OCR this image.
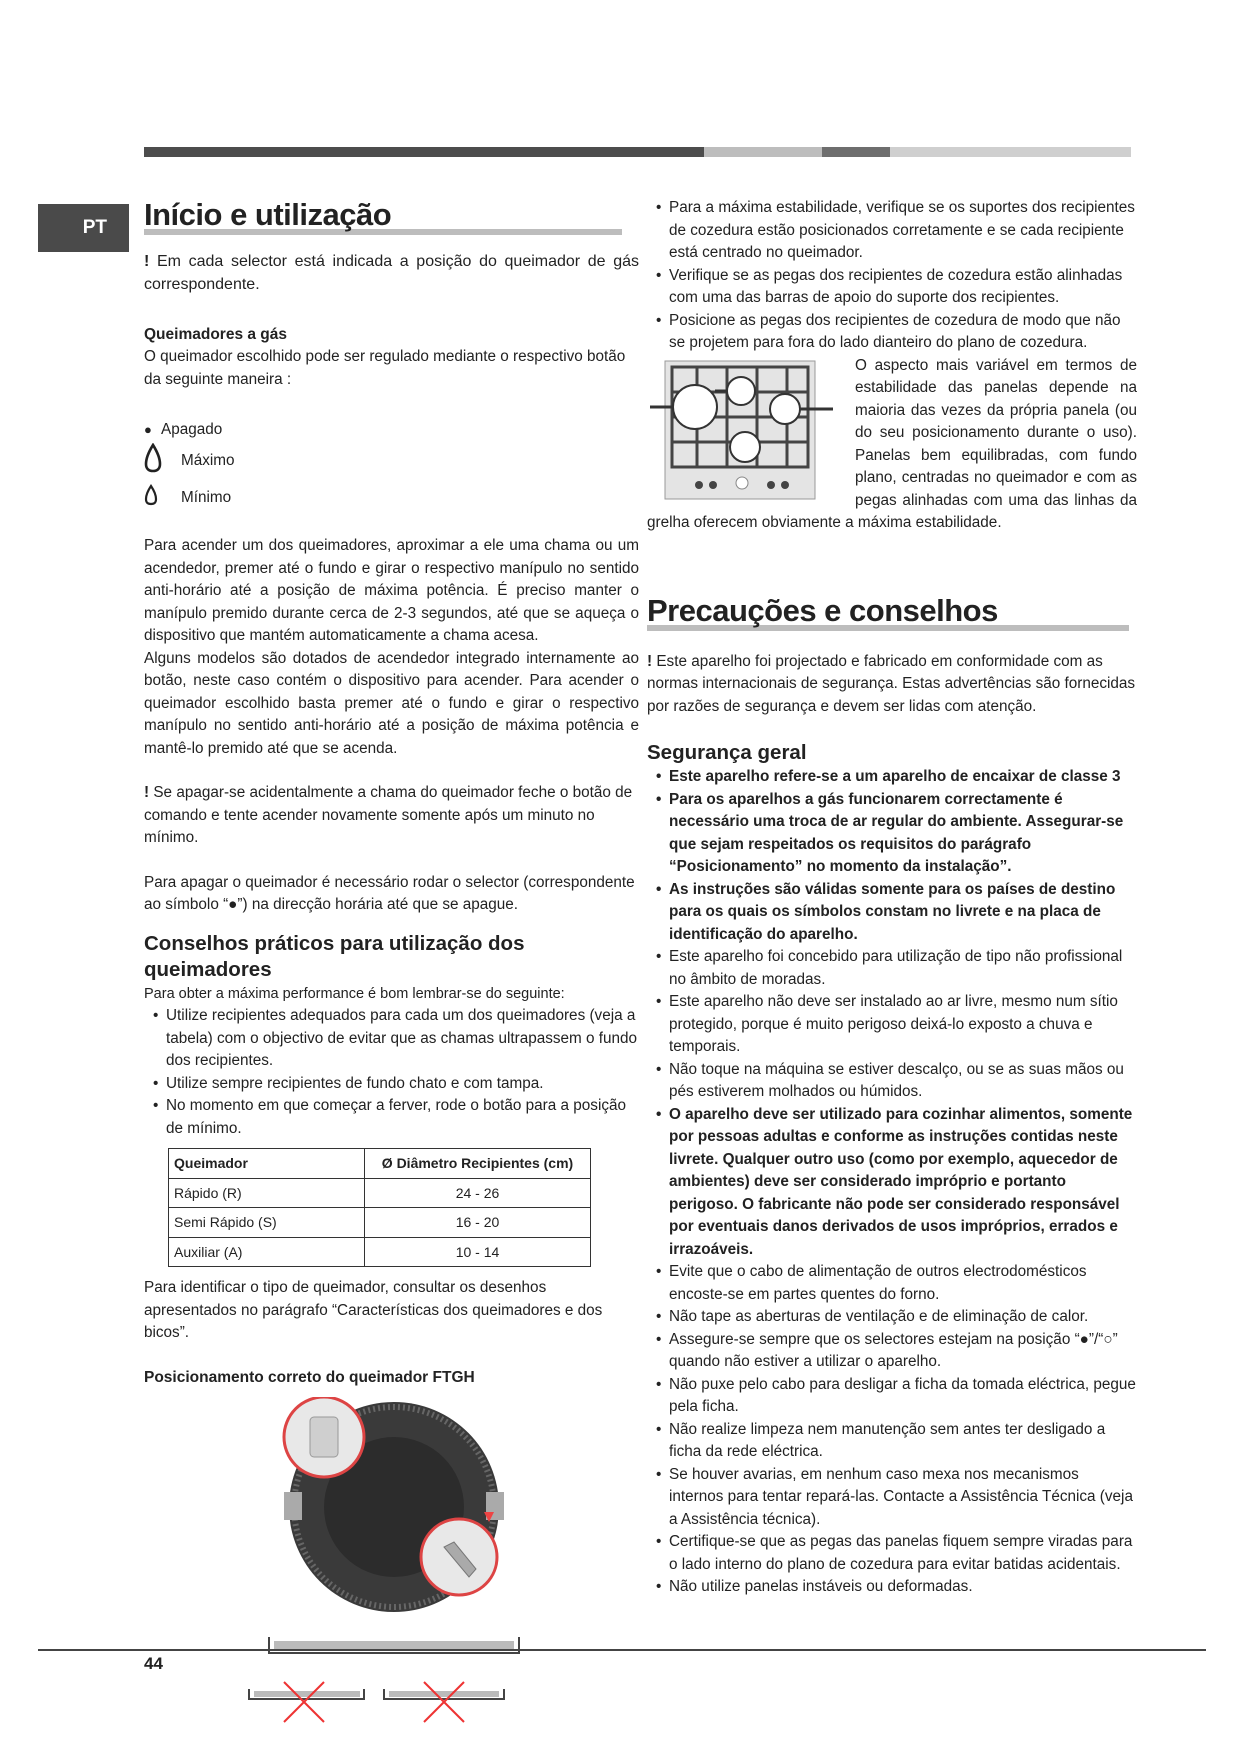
PT	Início e utilização

! Em cada selector está indicada a posição do queimador de gás correspondente.

Queimadores a gás

O queimador escolhido pode ser regulado mediante o respectivo botão da seguinte maneira :

● Apagado
Máximo
Mínimo

Para acender um dos queimadores, aproximar a ele uma chama ou um acendedor, premer até o fundo e girar o respectivo manípulo no sentido anti-horário até a posição de máxima potência. É preciso manter o manípulo premido durante cerca de 2-3 segundos, até que se aqueça o dispositivo que mantém automaticamente a chama acesa.

Alguns modelos são dotados de acendedor integrado internamente ao botão, neste caso contém o dispositivo para acender. Para acender o queimador escolhido basta premer até o fundo e girar o respectivo manípulo no sentido anti-horário até a posição de máxima potência e mantê-lo premido até que se acenda.

! Se apagar-se acidentalmente a chama do queimador feche o botão de comando e tente acender novamente somente após um minuto no mínimo.

Para apagar o queimador é necessário rodar o selector (correspondente ao símbolo “●”) na direcção horária até que se apague.

Conselhos práticos para utilização dos queimadores

Para obter a máxima performance é bom lembrar-se do seguinte:

• Utilize recipientes adequados para cada um dos queimadores (veja a tabela) com o objectivo de evitar que as chamas ultrapassem o fundo dos recipientes.
• Utilize sempre recipientes de fundo chato e com tampa.
• No momento em que começar a ferver, rode o botão para a posição de mínimo.
Queimador	Ø Diâmetro Recipientes (cm)
Rápido (R)	24 - 26
Semi Rápido (S)	16 - 20
Auxiliar (A)	10 - 14

Para identificar o tipo de queimador, consultar os desenhos apresentados no parágrafo “Características dos queimadores e dos bicos”.

Posicionamento correto do queimador FTGH
• Para a máxima estabilidade, verifique se os suportes dos recipientes de cozedura estão posicionados corretamente e se cada recipiente está centrado no queimador.
• Verifique se as pegas dos recipientes de cozedura estão alinhadas com uma das barras de apoio do suporte dos recipientes.
• Posicione as pegas dos recipientes de cozedura de modo que não se projetem para fora do lado dianteiro do plano de cozedura.

O aspecto mais variável em termos de estabilidade das panelas depende na maioria das vezes da própria panela (ou do seu posicionamento durante o uso). Panelas bem equilibradas, com fundo plano, centradas no queimador e com as pegas alinhadas com uma das linhas da grelha oferecem obviamente a máxima estabilidade.

Precauções e conselhos

! Este aparelho foi projectado e fabricado em conformidade com as normas internacionais de segurança. Estas advertências são fornecidas por razões de segurança e devem ser lidas com atenção.

Segurança geral
• Este aparelho refere-se a um aparelho de encaixar de classe 3
• Para os aparelhos a gás funcionarem correctamente é necessário uma troca de ar regular do ambiente. Assegurar-se que sejam respeitados os requisitos do parágrafo “Posicionamento” no momento da instalação”.
• As instruções são válidas somente para os países de destino para os quais os símbolos constam no livrete e na placa de identificação do aparelho.
• Este aparelho foi concebido para utilização de tipo não profissional no âmbito de moradas.
• Este aparelho não deve ser instalado ao ar livre, mesmo num sítio protegido, porque é muito perigoso deixá-lo exposto a chuva e temporais.
• Não toque na máquina se estiver descalço, ou se as suas mãos ou pés estiverem molhados ou húmidos.
• O aparelho deve ser utilizado para cozinhar alimentos, somente por pessoas adultas e conforme as instruções contidas neste livrete. Qualquer outro uso (como por exemplo, aquecedor de ambientes) deve ser considerado impróprio e portanto perigoso. O fabricante não pode ser considerado responsável por eventuais danos derivados de usos impróprios, errados e irrazoáveis.
• Evite que o cabo de alimentação de outros electrodomésticos encoste-se em partes quentes do forno.
• Não tape as aberturas de ventilação e de eliminação de calor.
• Assegure-se sempre que os selectores estejam na posição “●”/“○” quando não estiver a utilizar o aparelho.
• Não puxe pelo cabo para desligar a ficha da tomada eléctrica, pegue pela ficha.
• Não realize limpeza nem manutenção sem antes ter desligado a ficha da rede eléctrica.
• Se houver avarias, em nenhum caso mexa nos mecanismos internos para tentar repará-las. Contacte a Assistência Técnica (veja a Assistência técnica).
• Certifique-se que as pegas das panelas fiquem sempre viradas para o lado interno do plano de cozedura para evitar batidas acidentais.
• Não utilize panelas instáveis ou deformadas.
44
